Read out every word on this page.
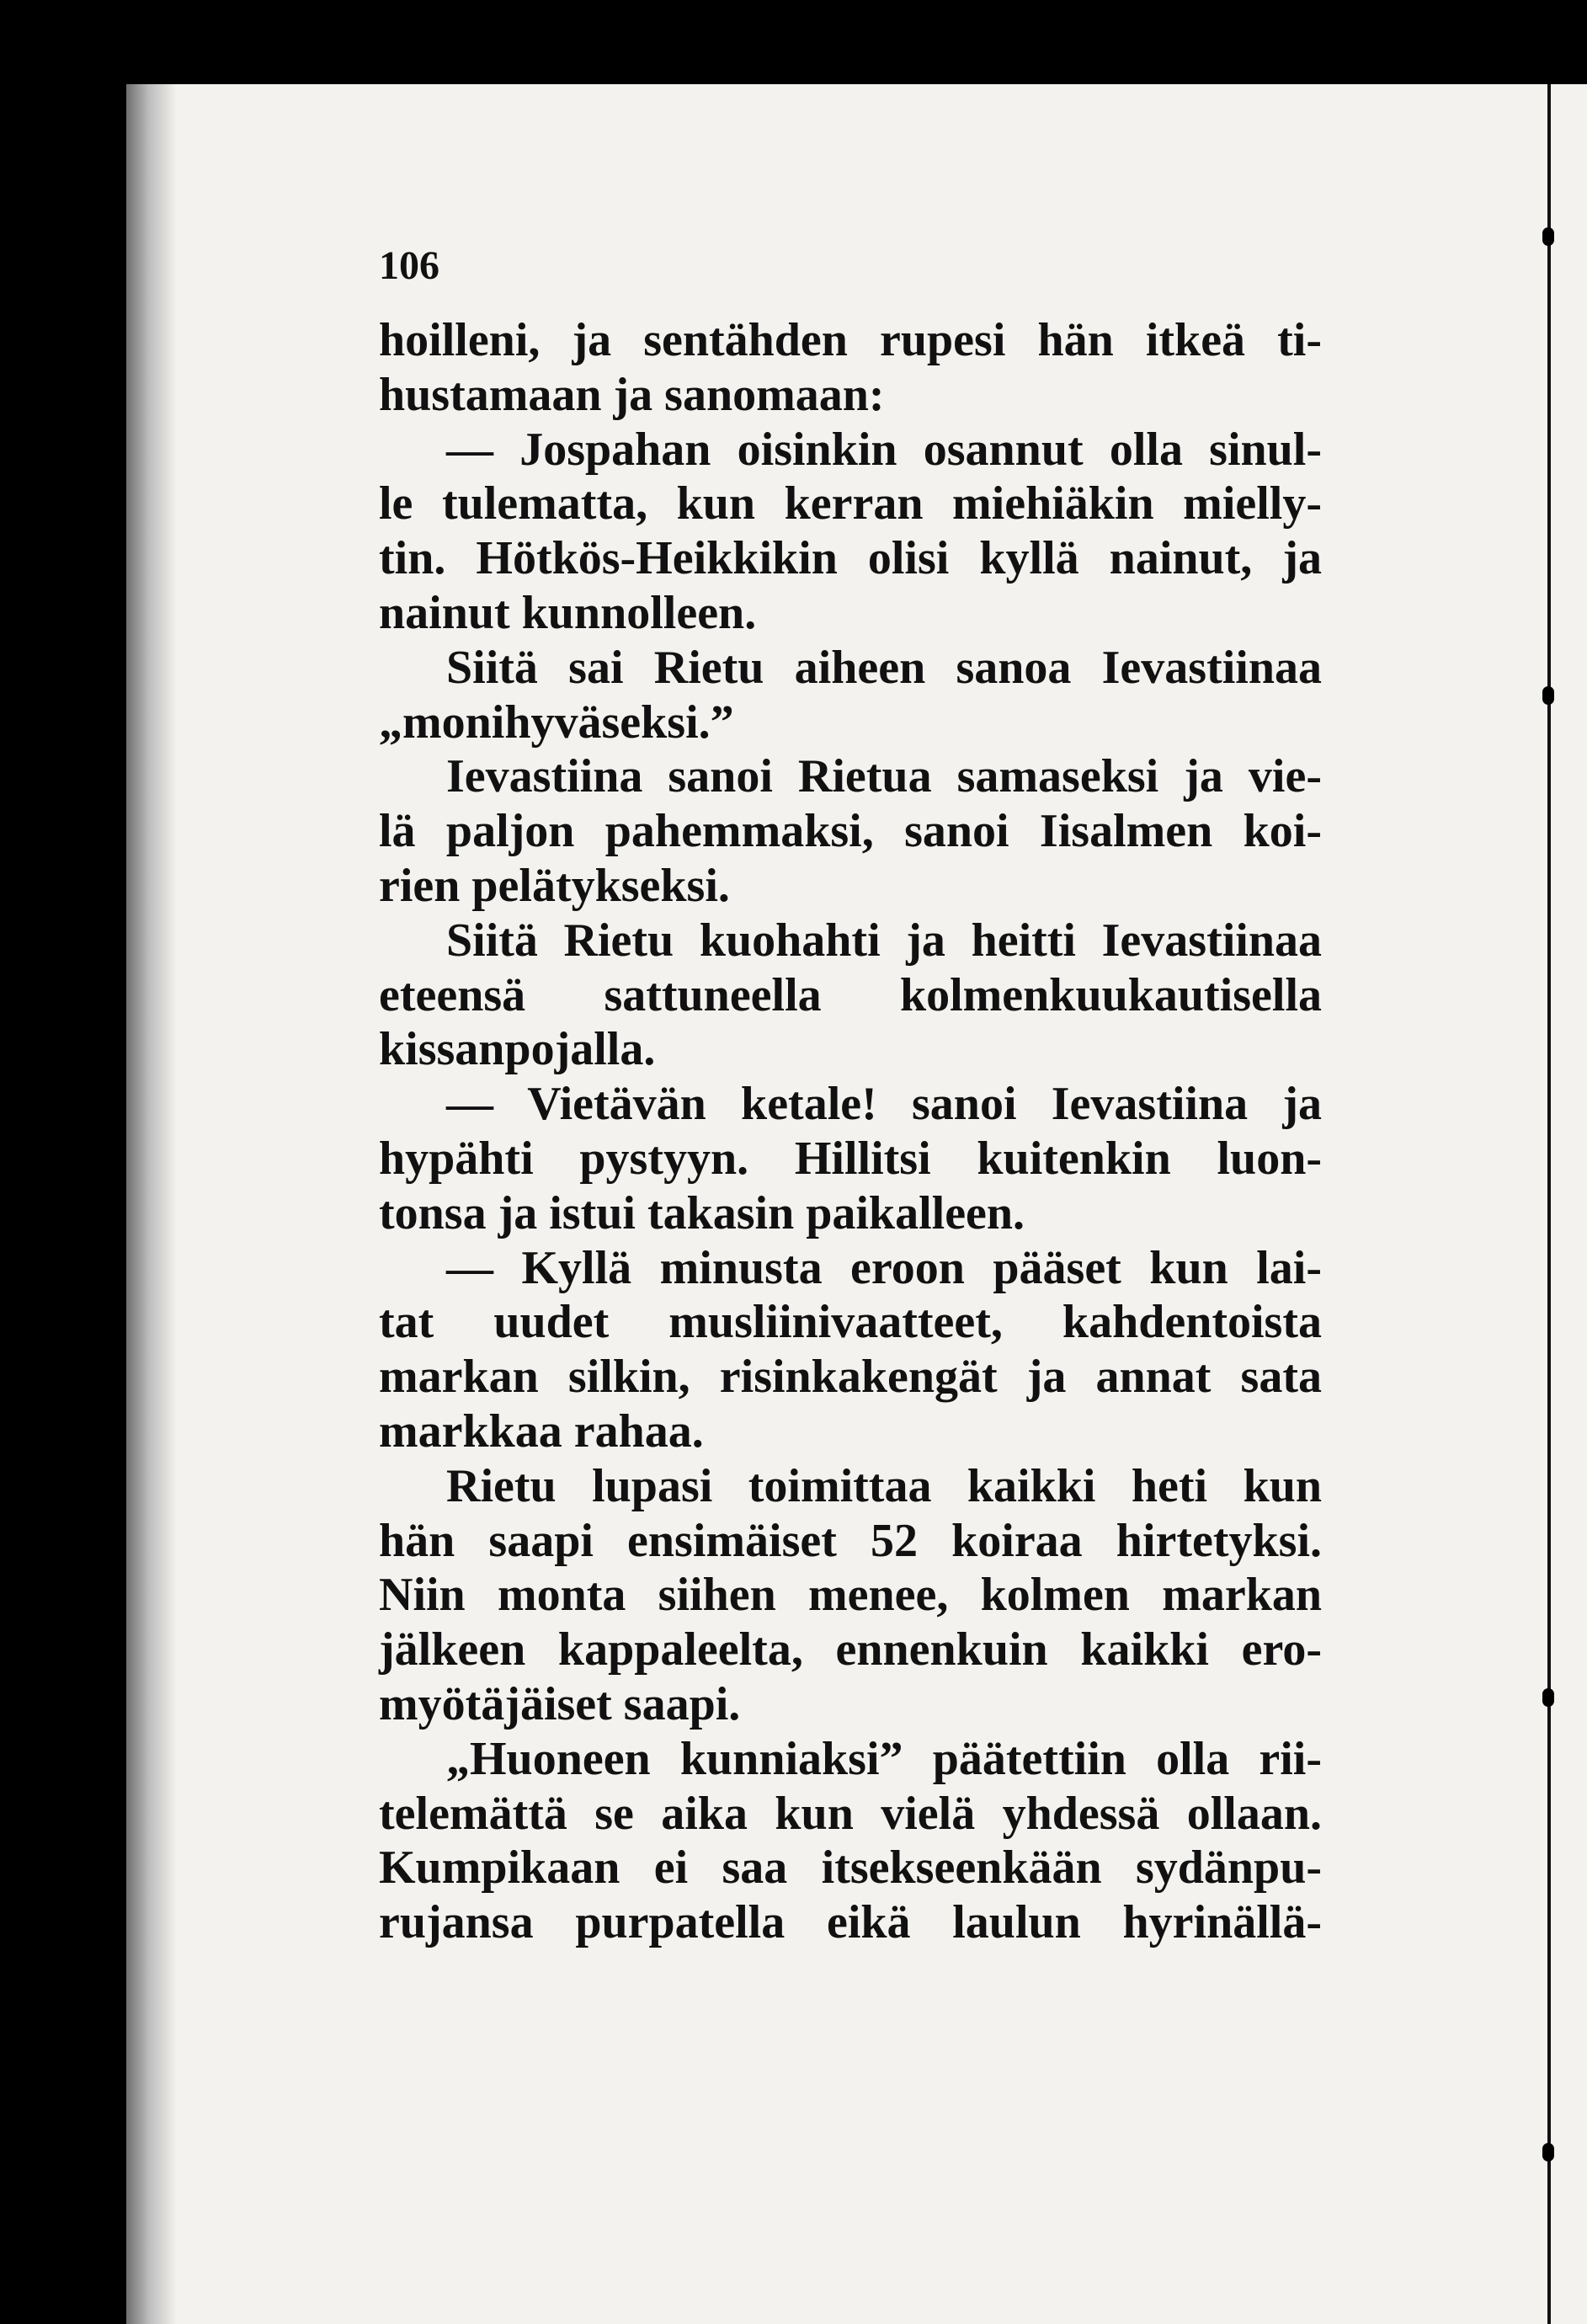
106
hoilleni, ja sentähden rupesi hän itkeä ti-
hustamaan ja sanomaan:
— Jospahan oisinkin osannut olla sinul-
le tulematta, kun kerran miehiäkin mielly-
tin. Hötkös-Heikkikin olisi kyllä nainut, ja
nainut kunnolleen.
Siitä sai Rietu aiheen sanoa Ievastiinaa
„monihyväseksi.”
Ievastiina sanoi Rietua samaseksi ja vie-
lä paljon pahemmaksi, sanoi Iisalmen koi-
rien pelätykseksi.
Siitä Rietu kuohahti ja heitti Ievastiinaa
eteensä sattuneella kolmenkuukautisella
kissanpojalla.
— Vietävän ketale! sanoi Ievastiina ja
hypähti pystyyn. Hillitsi kuitenkin luon-
tonsa ja istui takasin paikalleen.
— Kyllä minusta eroon pääset kun lai-
tat uudet musliinivaatteet, kahdentoista
markan silkin, risinkakengät ja annat sata
markkaa rahaa.
Rietu lupasi toimittaa kaikki heti kun
hän saapi ensimäiset 52 koiraa hirtetyksi.
Niin monta siihen menee, kolmen markan
jälkeen kappaleelta, ennenkuin kaikki ero-
myötäjäiset saapi.
„Huoneen kunniaksi” päätettiin olla rii-
telemättä se aika kun vielä yhdessä ollaan.
Kumpikaan ei saa itsekseenkään sydänpu-
rujansa purpatella eikä laulun hyrinällä-
